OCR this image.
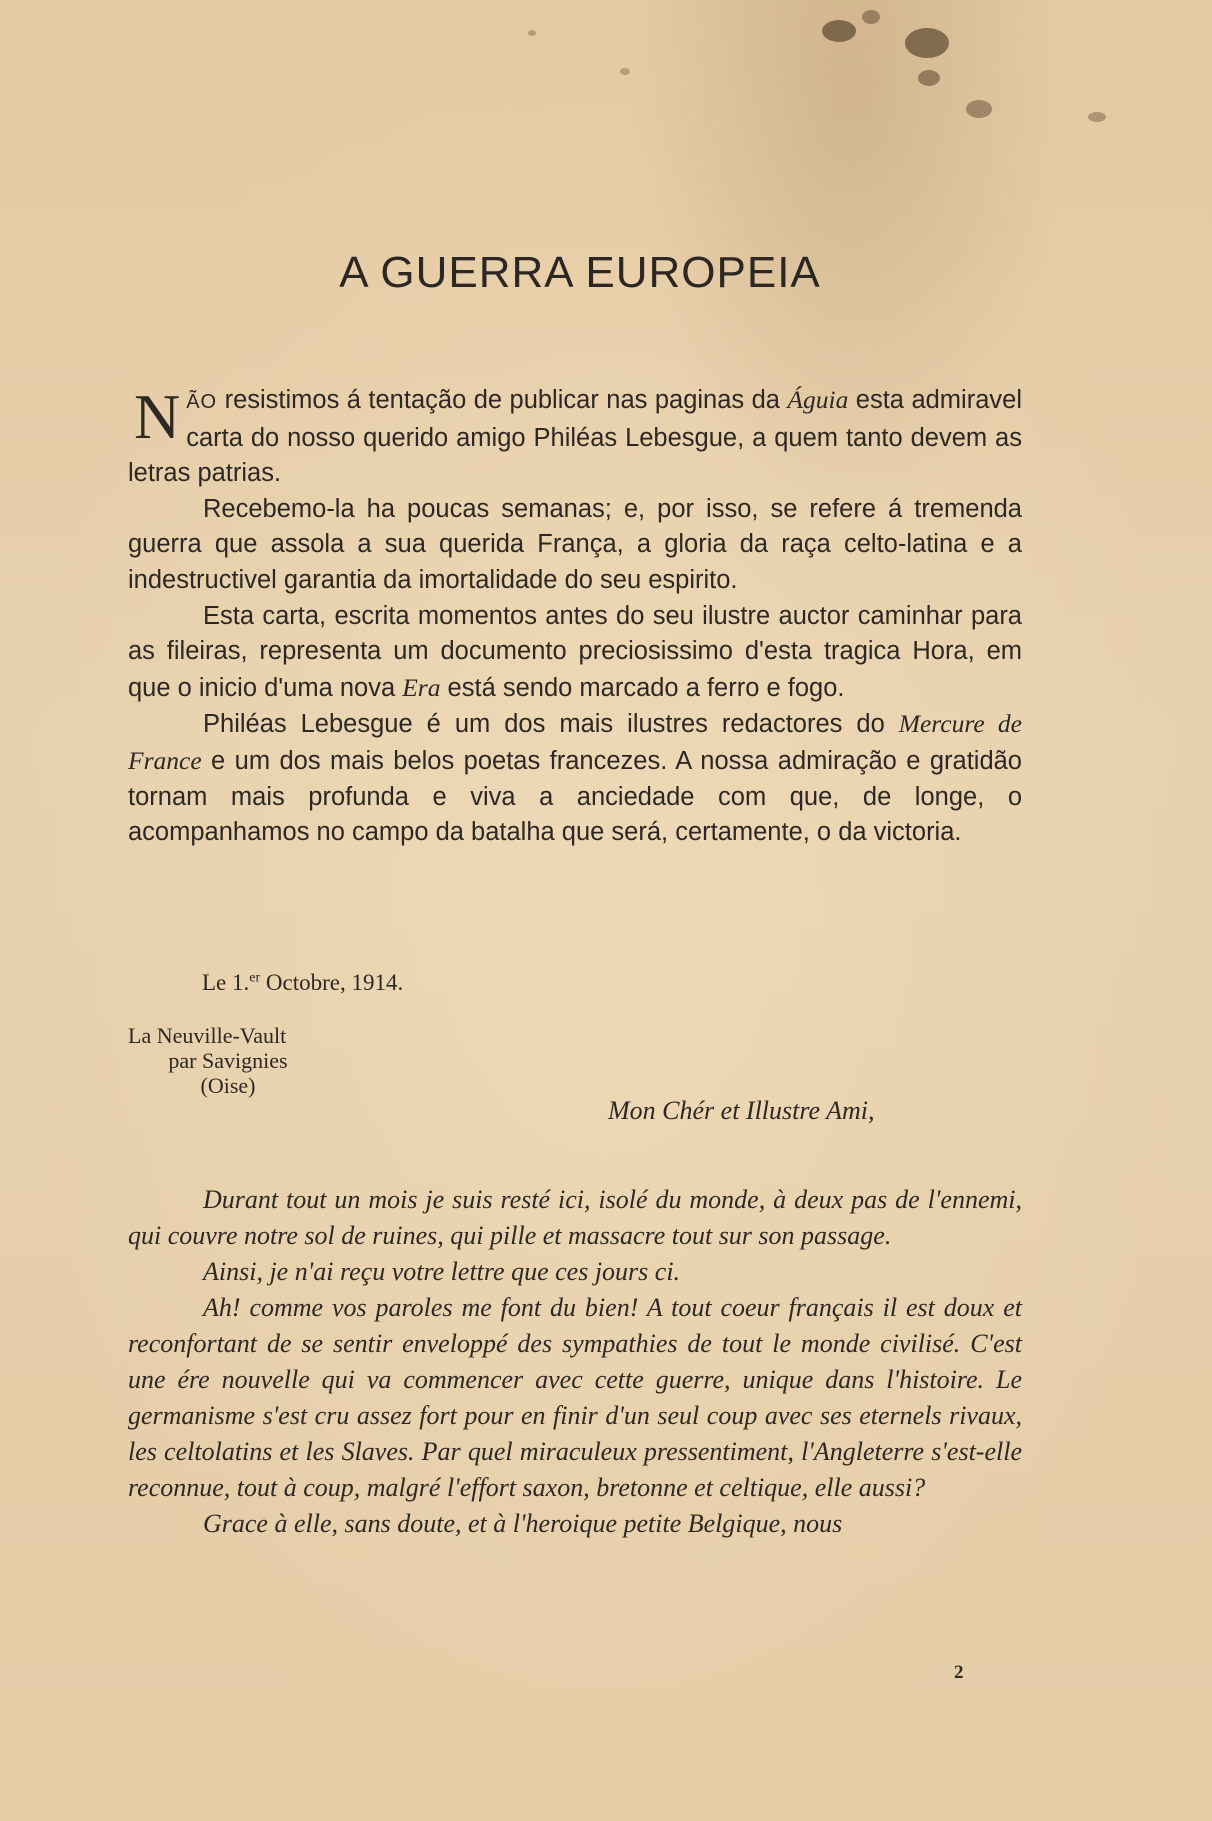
A GUERRA EUROPEIA

NÃO resistimos á tentação de publicar nas paginas da Águia esta admiravel carta do nosso querido amigo Philéas Lebesgue, a quem tanto devem as letras patrias.

Recebemo-la ha poucas semanas; e, por isso, se refere á tremenda guerra que assola a sua querida França, a gloria da raça celto-latina e a indestructivel garantia da imortalidade do seu espirito.

Esta carta, escrita momentos antes do seu ilustre auctor caminhar para as fileiras, representa um documento preciosissimo d'esta tragica Hora, em que o inicio d'uma nova Era está sendo marcado a ferro e fogo.

Philéas Lebesgue é um dos mais ilustres redactores do Mercure de France e um dos mais belos poetas francezes. A nossa admiração e gratidão tornam mais profunda e viva a anciedade com que, de longe, o acompanhamos no campo da batalha que será, certamente, o da victoria.

Le 1.$^{er}$ Octobre, 1914.
La Neuville-Vault
par Savignies
(Oise)
Mon Chér et Illustre Ami,

Durant tout un mois je suis resté ici, isolé du monde, à deux pas de l'ennemi, qui couvre notre sol de ruines, qui pille et massacre tout sur son passage.

Ainsi, je n'ai reçu votre lettre que ces jours ci.

Ah! comme vos paroles me font du bien! A tout coeur français il est doux et reconfortant de se sentir enveloppé des sympathies de tout le monde civilisé. C'est une ére nouvelle qui va commencer avec cette guerre, unique dans l'histoire. Le germanisme s'est cru assez fort pour en finir d'un seul coup avec ses eternels rivaux, les celtolatins et les Slaves. Par quel miraculeux pressentiment, l'Angleterre s'est-elle reconnue, tout à coup, malgré l'effort saxon, bretonne et celtique, elle aussi?

Grace à elle, sans doute, et à l'heroique petite Belgique, nous

2
